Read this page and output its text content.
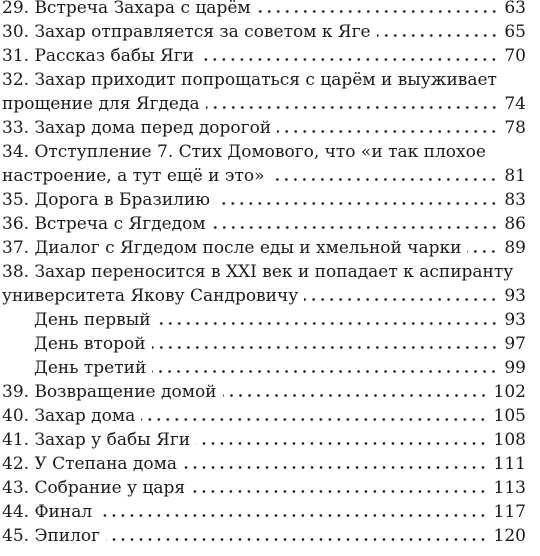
29. Встреча Захара с царём	63
30. Захар отправляется за советом к Яге	65
31. Рассказ бабы Яги	70
32. Захар приходит попрощаться с царём и выуживает
прощение для Ягдеда	74
33. Захар дома перед дорогой	78
34. Отступление 7. Стих Домового, что «и так плохое
настроение, а тут ещё и это»	81
35. Дорога в Бразилию	83
36. Встреча с Ягдедом	86
37. Диалог с Ягдедом после еды и хмельной чарки	89
38. Захар переносится в XXI век и попадает к аспиранту
университета Якову Сандровичу	93
День первый	93
День второй	97
День третий	99
39. Возвращение домой	102
40. Захар дома	105
41. Захар у бабы Яги	108
42. У Степана дома	111
43. Собрание у царя	113
44. Финал	117
45. Эпилог	120
